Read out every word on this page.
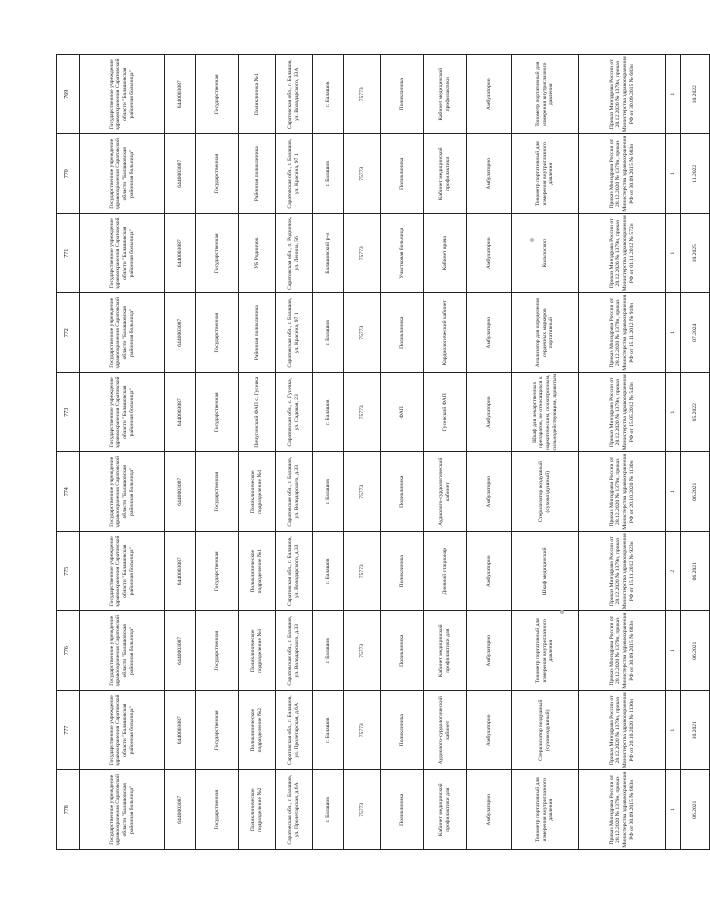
778	777	776	775	774	773	772	771	770	769
Государственное учреждение здравоохранения Саратовской области "Балашовская районная больница"	Государственное учреждение здравоохранения Саратовской области "Балашовская районная больница"	Государственное учреждение здравоохранения Саратовской области "Балашовская районная больница"	Государственное учреждение здравоохранения Саратовской области "Балашовская районная больница"	Государственное учреждение здравоохранения Саратовской области "Балашовская районная больница"	Государственное учреждение здравоохранения Саратовской области "Балашовская районная больница"	Государственное учреждение здравоохранения Саратовской области "Балашовская районная больница"	Государственное учреждение здравоохранения Саратовской области "Балашовская районная больница"	Государственное учреждение здравоохранения Саратовской области "Балашовская районная больница"	Государственное учреждение здравоохранения Саратовской области "Балашовская районная больница"
6440003087	6440003087	6440003087	6440003087	6440003087	6440003087	6440003087	6440003087	6440003087	6440003087
Государственная	Государственная	Государственная	Государственная	Государственная	Государственная	Государственная	Государственная	Государственная	Государственная
Поликлиническое подразделение №2	Поликлиническое подразделение №2	Поликлиническое подразделение №1	Поликлиническое подразделение №1	Поликлиническое подразделение №1	Пичугинский ФАП с. Гусевка	Районная поликлиника	УБ Родничок	Районная поликлиника	Поликлиника №1
Саратовская обл., г. Балашов, ул. Пролетарская, д.6А	Саратовская обл., г. Балашов, ул. Пролетарская, д.6А	Саратовская обл., г. Балашов, ул. Володарского, д.33	Саратовская обл., г. Балашов, ул. Володарского, д.33	Саратовская обл., г. Балашов, ул. Володарского, д.33	Саратовская обл., с. Гусевка, ул. Садовая, 23	Саратовская обл., г. Балашов, ул. Красина, 97 1	Саратовская обл., п. Родничок, ул. Ленина, 56	Саратовская обл., г. Балашов, ул. Красина, 97 1	Саратовская обл., г. Балашов, ул. Володарского, 33А
г. Балашов	г. Балашов	г. Балашов	г. Балашов	г. Балашов	г. Балашов	г. Балашов	Балашовский р-н	г. Балашов	г. Балашов
75773	75773	75773	75773	75773	75773	75773	75773	75773	75773
Поликлиника	Поликлиника	Поликлиника	Поликлиника	Поликлиника	ФАП	Поликлиника	Участковая больница	Поликлиника	Поликлиника
Кабинет медицинской профилактики для	Аудиолого-сурдологический кабинет	Кабинет медицинской профилактики для	Дневной стационар	Аудиолого-сурдологический кабинет	Гусевский ФАП	Кардиологический кабинет	Кабинет врача	Кабинет медицинской профилактики	Кабинет медицинской профилактики
Амбулаторно	Амбулаторно	Амбулаторно	Амбулаторно	Амбулаторно	Амбулаторно	Амбулаторно	Амбулаторно	Амбулаторно	Амбулаторно
Тонометр портативный для измерения внутриглазного давления	Стерилизатор воздушный (суховоздушный)	Тонометр портативный для измерения внутриглазного давления	Шкаф медицинский	Стерилизатор воздушный (суховоздушный)	Шкаф для лекарственных препаратов, не относящихся к наркотическим, психотропным, сильнодействующим, ядовитым	Анализатор для определения сердечных маркеров портативный	Кольпоскоп	Тонометр портативный для измерения внутриглазного давления	Тонометр портативный для измерения внутриглазного давления
Приказ Минздрава России от 28.12.2020 № 1379н, приказ Министерства здравоохранения РФ от 30.09.2015 № 683н	Приказ Минздрава России от 28.12.2020 № 1379н, приказ Министерства здравоохранения РФ от 20.10.2020 № 1130н	Приказ Минздрава России от 28.12.2020 № 1379н, приказ Министерства здравоохранения РФ от 30.09.2015 № 683н	Приказ Минздрава России от 28.12.2020 № 1379н, приказ Министерства здравоохранения РФ от 15.11.2012 № 923н	Приказ Минздрава России от 28.12.2020 № 1379н, приказ Министерства здравоохранения РФ от 20.10.2020 № 1130н	Приказ Минздрава России от 28.12.2020 № 1379н, приказ Министерства здравоохранения РФ от 15.05.2012 № 543н	Приказ Минздрава России от 28.12.2020 № 1379н, приказ Министерства здравоохранения РФ от 15.11.2012 № 918н	Приказ Минздрава России от 28.12.2020 № 1379н, приказ Министерства здравоохранения РФ от 01.11.2012 № 572н	Приказ Минздрава России от 28.12.2020 № 1379н, приказ Министерства здравоохранения РФ от 30.09.2015 № 683н	Приказ Минздрава России от 28.12.2020 № 1379н, приказ Министерства здравоохранения РФ от 30.09.2015 № 683н
1	1	1	2	1	1	1	1	1	1
06.2021	10.2021	06.2021	06.2021	06.2021	05.2022	07.2024	10.2025	11.2022	10.2022
